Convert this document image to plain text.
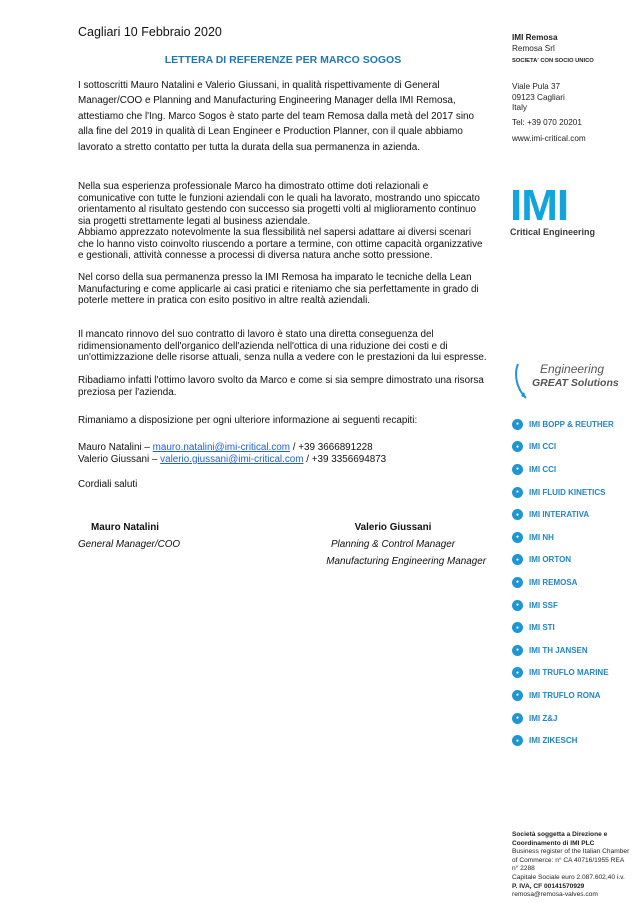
Cagliari 10 Febbraio 2020
LETTERA DI REFERENZE PER MARCO SOGOS

I sottoscritti Mauro Natalini e Valerio Giussani, in qualità rispettivamente di General Manager/COO e Planning and Manufacturing Engineering Manager della IMI Remosa, attestiamo che l'Ing. Marco Sogos è stato parte del team Remosa dalla metà del 2017 sino alla fine del 2019 in qualità di Lean Engineer e Production Planner, con il quale abbiamo lavorato a stretto contatto per tutta la durata della sua permanenza in azienda.

Nella sua esperienza professionale Marco ha dimostrato ottime doti relazionali e comunicative con tutte le funzioni aziendali con le quali ha lavorato, mostrando uno spiccato orientamento al risultato gestendo con successo sia progetti volti al miglioramento continuo sia progetti strettamente legati al business aziendale.

Abbiamo apprezzato notevolmente la sua flessibilità nel sapersi adattare ai diversi scenari che lo hanno visto coinvolto riuscendo a portare a termine, con ottime capacità organizzative e gestionali, attività connesse a processi di diversa natura anche sotto pressione.

Nel corso della sua permanenza presso la IMI Remosa ha imparato le tecniche della Lean Manufacturing e come applicarle ai casi pratici e riteniamo che sia perfettamente in grado di poterle mettere in pratica con esito positivo in altre realtà aziendali.

Il mancato rinnovo del suo contratto di lavoro è stato una diretta conseguenza del ridimensionamento dell'organico dell'azienda nell'ottica di una riduzione dei costi e di un'ottimizzazione delle risorse attuali, senza nulla a vedere con le prestazioni da lui espresse.

Ribadiamo infatti l'ottimo lavoro svolto da Marco e come si sia sempre dimostrato una risorsa preziosa per l'azienda.

Rimaniamo a disposizione per ogni ulteriore informazione ai seguenti recapiti:

Mauro Natalini – mauro.natalini@imi-critical.com / +39 3666891228
Valerio Giussani – valerio.giussani@imi-critical.com / +39 3356694873
Cordiali saluti
Mauro Natalini
General Manager/COO
Valerio Giussani
Planning & Control Manager
Manufacturing Engineering Manager
IMI Remosa
Remosa Srl
SOCIETA' CON SOCIO UNICO
Viale Pula 37
09123 Cagliari
Italy
Tel: +39 070 20201
www.imi-critical.com
IMI
Critical Engineering
Engineering
GREAT Solutions
●	IMI BOPP & REUTHER
●	IMI CCI
●	IMI CCI
●	IMI FLUID KINETICS
●	IMI INTERATIVA
●	IMI NH
●	IMI ORTON
●	IMI REMOSA
●	IMI SSF
●	IMI STI
●	IMI TH JANSEN
●	IMI TRUFLO MARINE
●	IMI TRUFLO RONA
●	IMI Z&J
●	IMI ZIKESCH
Società soggetta a Direzione e
Coordinamento di IMI PLC
Business register of the Italian Chamber of Commerce: n° CA 40716/1955 REA n° 2288
Capitale Sociale euro 2.087.602,40 i.v.
P. IVA, CF 00141570929
remosa@remosa-valves.com
